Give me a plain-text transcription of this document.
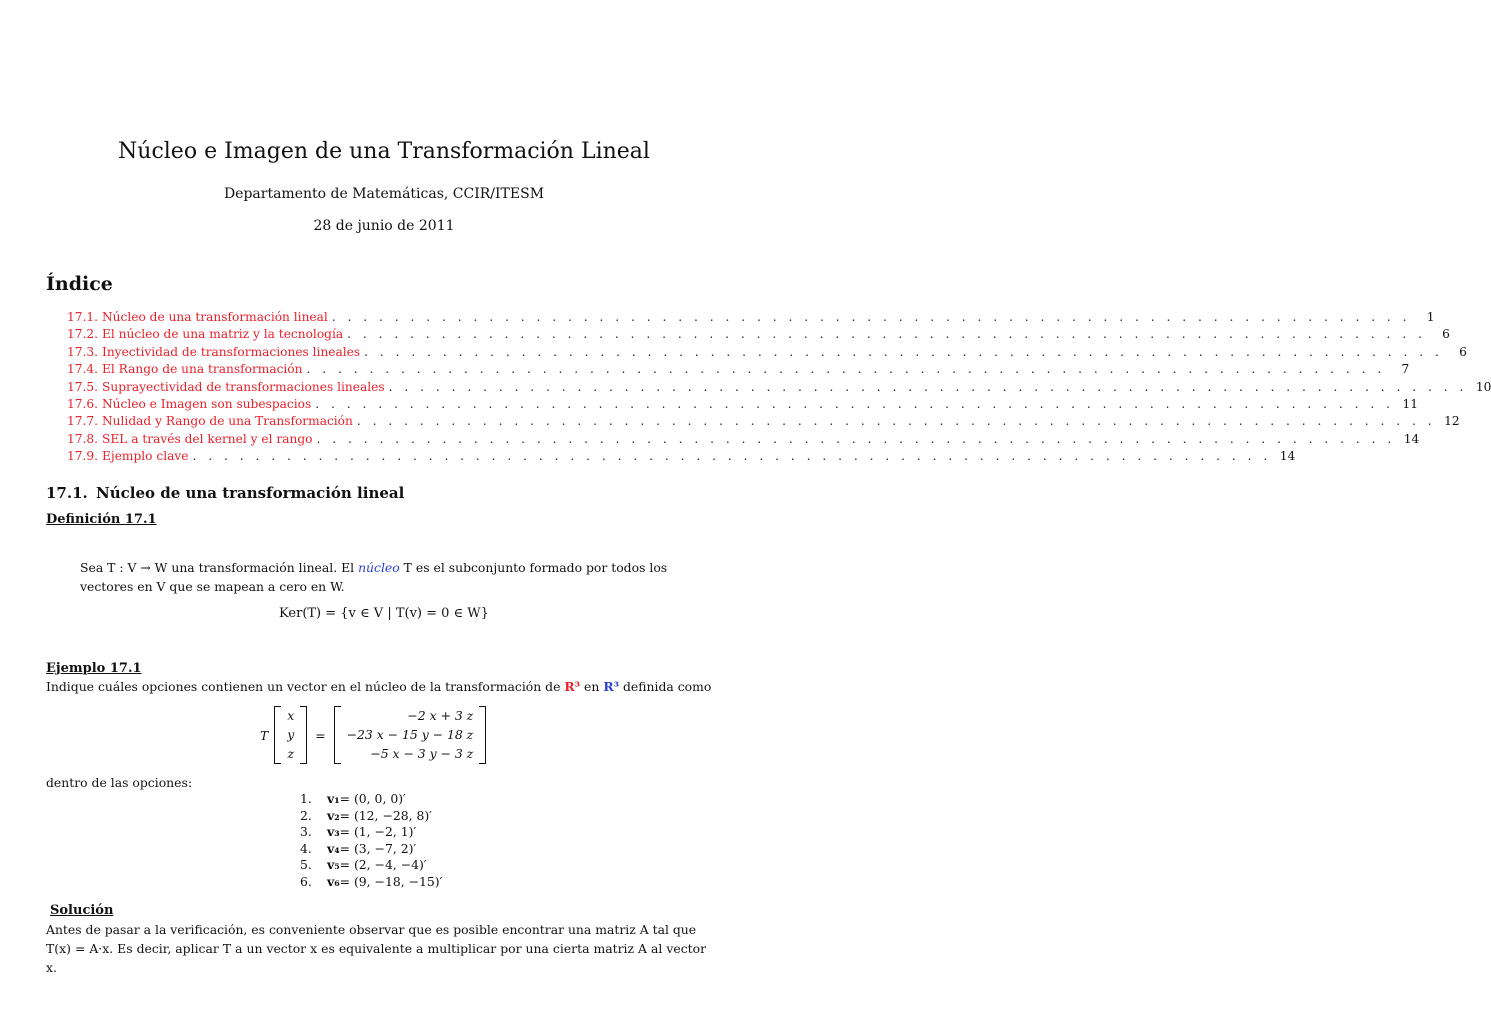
Núcleo e Imagen de una Transformación Lineal
Departamento de Matemáticas, CCIR/ITESM
28 de junio de 2011
Índice
17.1. Núcleo de una transformación lineal . . . . . . . . . . . . . . . . . . . . . . . . . . . . . . . . . . . . . . . . . . . . . . . . . . . . . . . . . . . . . . . . . . . . .	1
17.2. El núcleo de una matriz y la tecnología . . . . . . . . . . . . . . . . . . . . . . . . . . . . . . . . . . . . . . . . . . . . . . . . . . . . . . . . . . . . . . . . . . . . .	6
17.3. Inyectividad de transformaciones lineales . . . . . . . . . . . . . . . . . . . . . . . . . . . . . . . . . . . . . . . . . . . . . . . . . . . . . . . . . . . . . . . . . . . . .	6
17.4. El Rango de una transformación . . . . . . . . . . . . . . . . . . . . . . . . . . . . . . . . . . . . . . . . . . . . . . . . . . . . . . . . . . . . . . . . . . . . .	7
17.5. Suprayectividad de transformaciones lineales . . . . . . . . . . . . . . . . . . . . . . . . . . . . . . . . . . . . . . . . . . . . . . . . . . . . . . . . . . . . . . . . . . . . . 10
17.6. Núcleo e Imagen son subespacios . . . . . . . . . . . . . . . . . . . . . . . . . . . . . . . . . . . . . . . . . . . . . . . . . . . . . . . . . . . . . . . . . . . . . 11
17.7. Nulidad y Rango de una Transformación . . . . . . . . . . . . . . . . . . . . . . . . . . . . . . . . . . . . . . . . . . . . . . . . . . . . . . . . . . . . . . . . . . . . . 12
17.8. SEL a través del kernel y el rango . . . . . . . . . . . . . . . . . . . . . . . . . . . . . . . . . . . . . . . . . . . . . . . . . . . . . . . . . . . . . . . . . . . . . 14
17.9. Ejemplo clave . . . . . . . . . . . . . . . . . . . . . . . . . . . . . . . . . . . . . . . . . . . . . . . . . . . . . . . . . . . . . . . . . . . . . 14
17.1. Núcleo de una transformación lineal
Definición 17.1
Sea T : V → W una transformación lineal. El núcleo T es el subconjunto formado por todos los vectores en V que se mapean a cero en W.
Ker(T) = {v ∈ V | T(v) = 0 ∈ W}
Ejemplo 17.1
Indique cuáles opciones contienen un vector en el núcleo de la transformación de R³ en R³ definida como
T
x
y
z
=
−2 x + 3 z
−23 x − 15 y − 18 z
−5 x − 3 y − 3 z
dentro de las opciones:
1.	v₁ = (0, 0, 0)′
2.	v₂ = (12, −28, 8)′
3.	v₃ = (1, −2, 1)′
4.	v₄ = (3, −7, 2)′
5.	v₅ = (2, −4, −4)′
6.	v₆ = (9, −18, −15)′
Solución
Antes de pasar a la verificación, es conveniente observar que es posible encontrar una matriz A tal que
T(x) = A·x. Es decir, aplicar T a un vector x es equivalente a multiplicar por una cierta matriz A al vector x.
